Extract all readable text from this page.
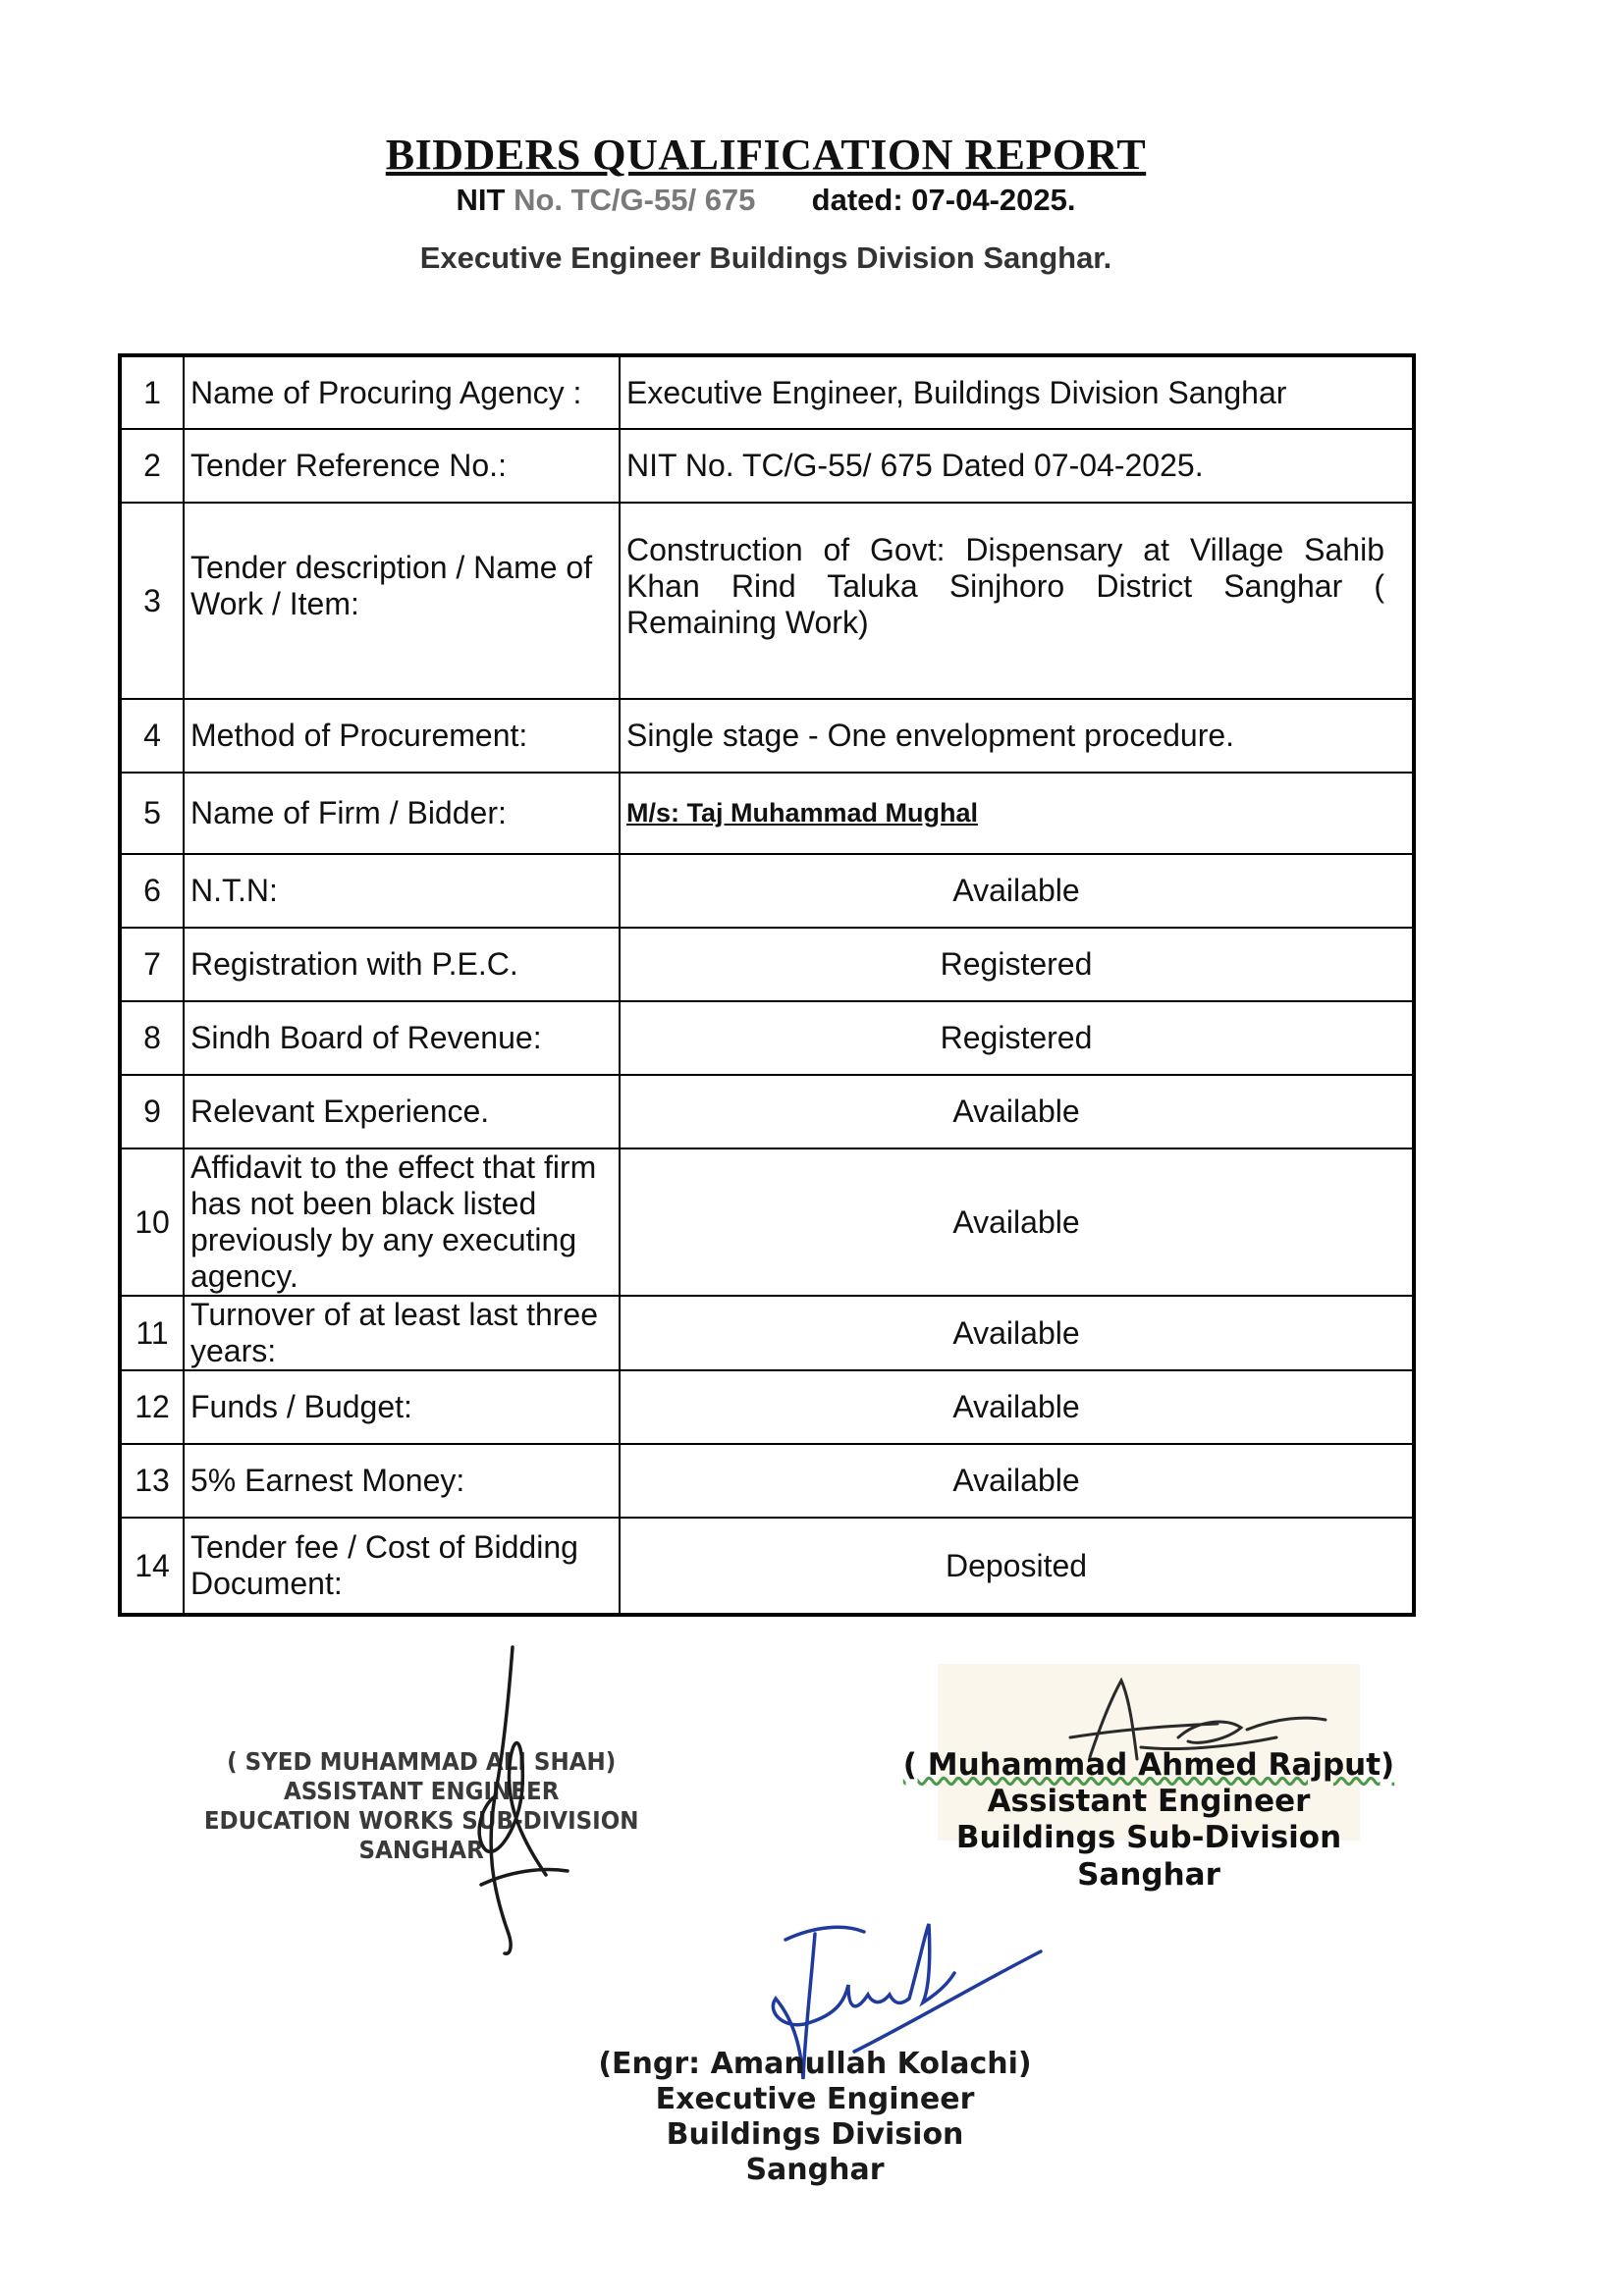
BIDDERS QUALIFICATION REPORT
NIT No. TC/G-55/ 675 dated: 07-04-2025.
Executive Engineer Buildings Division Sanghar.
1	Name of Procuring Agency :	Executive Engineer, Buildings Division Sanghar
2	Tender Reference No.:	NIT No. TC/G-55/ 675 Dated 07-04-2025.
3	Tender description / Name of Work / Item:	Construction of Govt: Dispensary at Village Sahib Khan Rind Taluka Sinjhoro District Sanghar ( Remaining Work)
4	Method of Procurement:	Single stage - One envelopment procedure.
5	Name of Firm / Bidder:	M/s: Taj Muhammad Mughal
6	N.T.N:	Available
7	Registration with P.E.C.	Registered
8	Sindh Board of Revenue:	Registered
9	Relevant Experience.	Available
10	Affidavit to the effect that firm has not been black listed previously by any executing agency.	Available
11	Turnover of at least last three years:	Available
12	Funds / Budget:	Available
13	5% Earnest Money:	Available
14	Tender fee / Cost of Bidding Document:	Deposited
( SYED MUHAMMAD ALI SHAH)
ASSISTANT ENGINEER
EDUCATION WORKS SUB-DIVISION
SANGHAR
( Muhammad Ahmed Rajput)
Assistant Engineer
Buildings Sub-Division
Sanghar
(Engr: Amanullah Kolachi)
Executive Engineer
Buildings Division
Sanghar
